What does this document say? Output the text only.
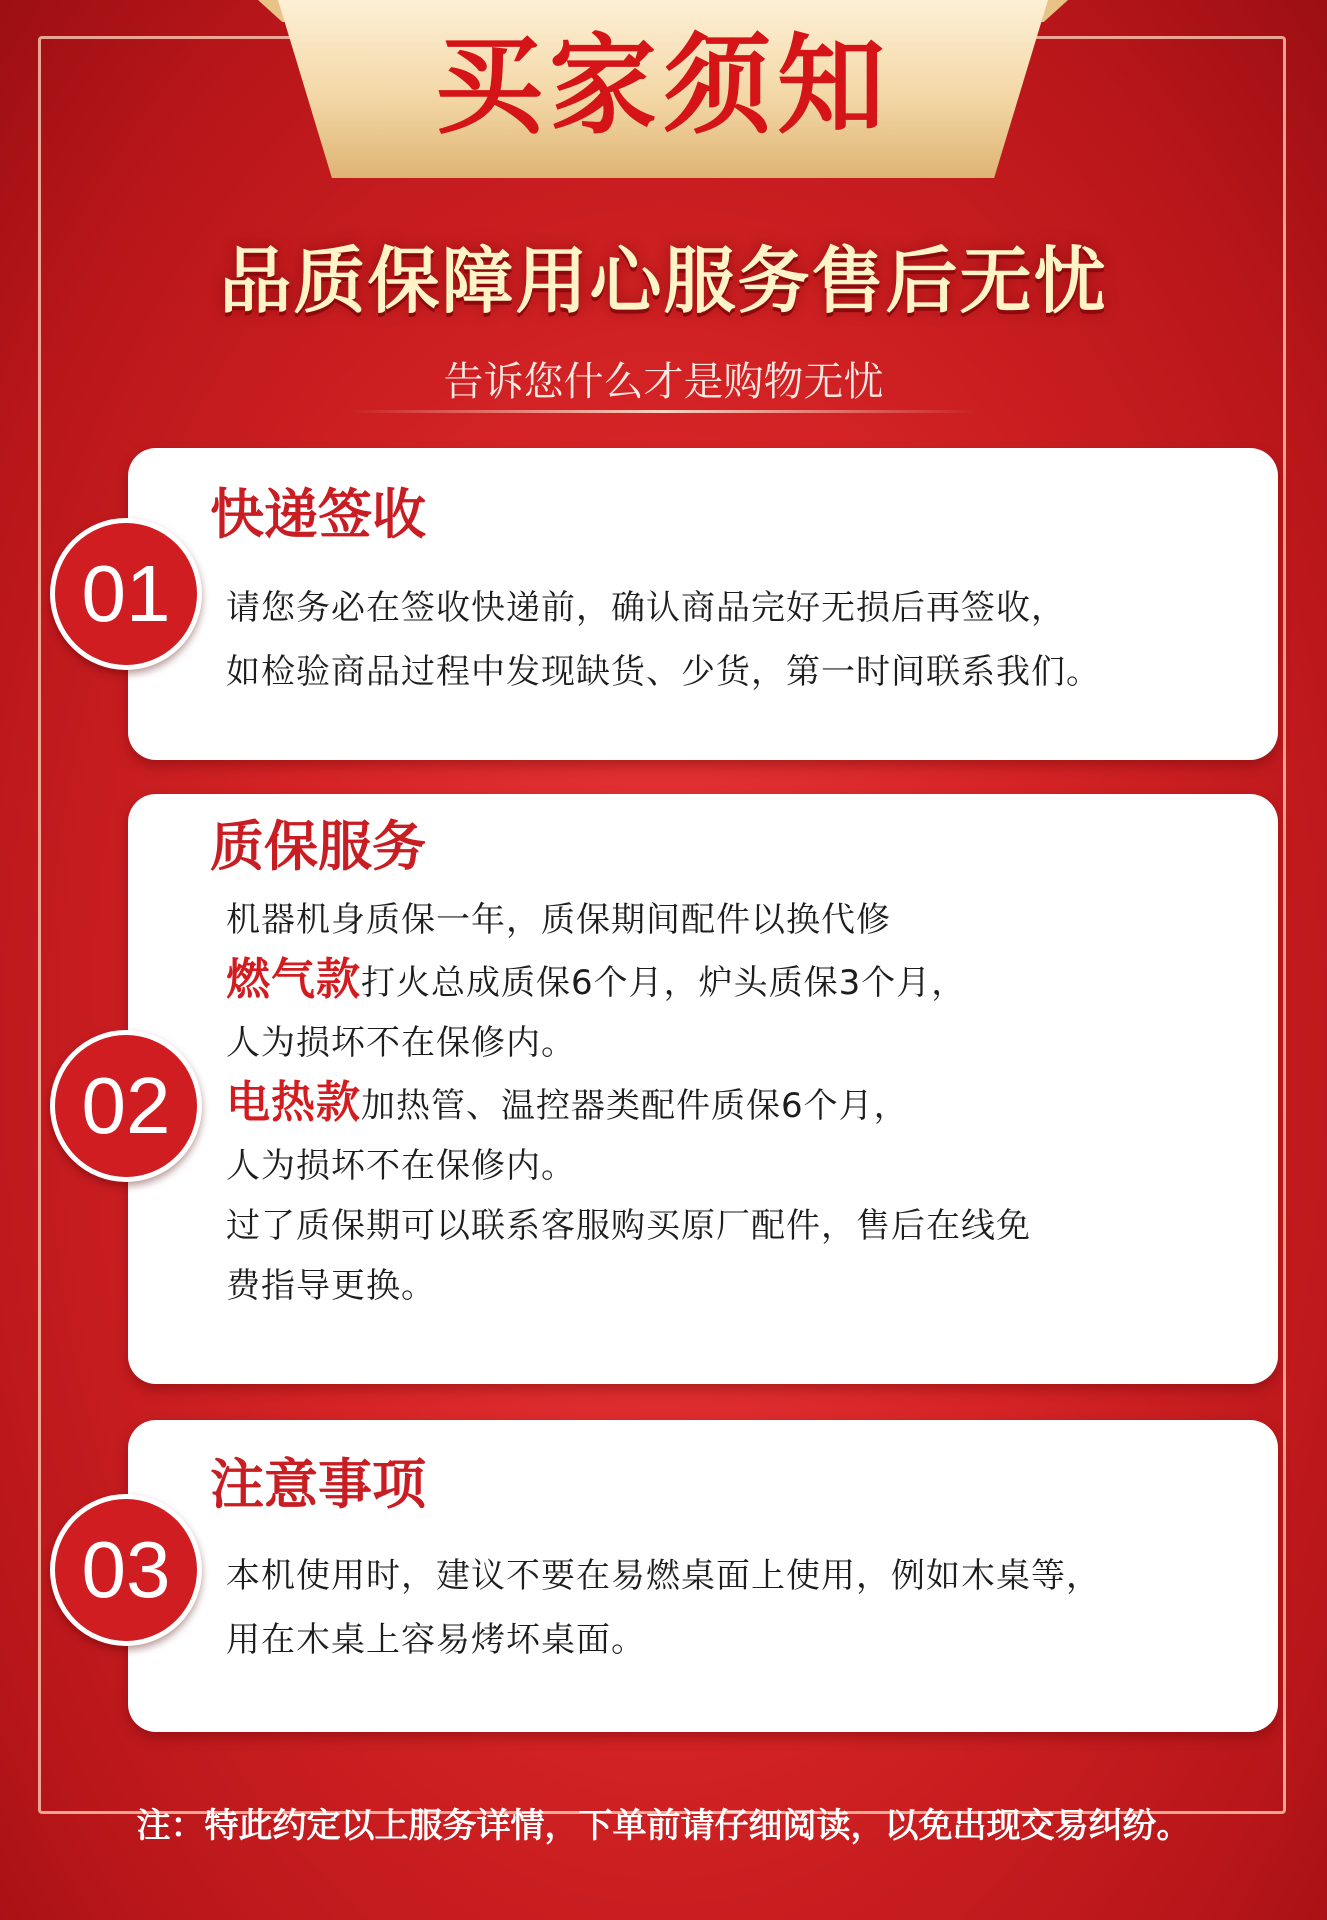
买家须知
品质保障用心服务售后无忧
告诉您什么才是购物无忧
快递签收

请您务必在签收快递前，确认商品完好无损后再签收，

如检验商品过程中发现缺货、少货，第一时间联系我们。

01
质保服务

机器机身质保一年，质保期间配件以换代修

燃气款打火总成质保6个月，炉头质保3个月，

人为损坏不在保修内。

电热款加热管、温控器类配件质保6个月，

人为损坏不在保修内。

过了质保期可以联系客服购买原厂配件，售后在线免

费指导更换。

02
注意事项

本机使用时，建议不要在易燃桌面上使用，例如木桌等，

用在木桌上容易烤坏桌面。

03
注：特此约定以上服务详情，下单前请仔细阅读，以免出现交易纠纷。
